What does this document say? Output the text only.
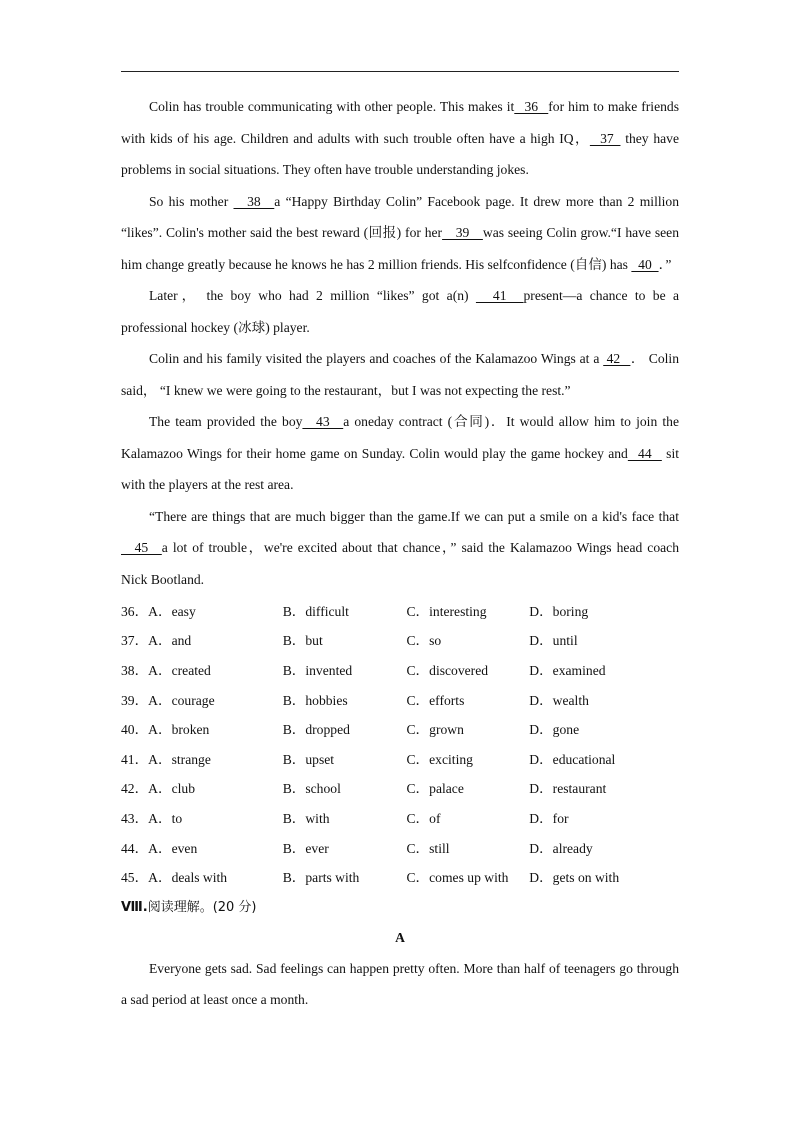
Colin has trouble communicating with other people. This makes it   36   for him to make friends with kids of his age. Children and adults with such trouble often have a high IQ，   37   they have problems in social situations. They often have trouble understanding jokes.

So his mother     38    a “Happy Birthday Colin” Facebook page. It drew more than 2 million “likes”. Colin's mother said the best reward (回报) for her    39    was seeing Colin grow.“I have seen him change greatly because he knows he has 2 million friends. His selfconfidence (自信) has   40  ．”

Later， the boy who had 2 million “likes” got a(n)      41     present—a chance to be a professional hockey (冰球) player.

Colin and his family visited the players and coaches of the Kalamazoo Wings at a  42   ． Colin said， “I knew we were going to the restaurant，but I was not expecting the rest.”

The team provided the boy    43    a oneday contract (合同)．It would allow him to join the Kalamazoo Wings for their home game on Sunday. Colin would play the game hockey and   44    sit with the players at the rest area.

“There are things that are much bigger than the game.If we can put a smile on a kid's face that    45    a lot of trouble，we're excited about that chance，” said the Kalamazoo Wings head coach Nick Bootland.

36．A．easy	B．difficult	C．interesting	D．boring
37．A．and	B．but	C．so	D．until
38．A．created	B．invented	C．discovered	D．examined
39．A．courage	B．hobbies	C．efforts	D．wealth
40．A．broken	B．dropped	C．grown	D．gone
41．A．strange	B．upset	C．exciting	D．educational
42．A．club	B．school	C．palace	D．restaurant
43．A．to	B．with	C．of	D．for
44．A．even	B．ever	C．still	D．already
45．A．deals with	B．parts with	C．comes up with	D．gets on with
Ⅷ.阅读理解。(20 分)
A

Everyone gets sad. Sad feelings can happen pretty often. More than half of teenagers go through a sad period at least once a month.
